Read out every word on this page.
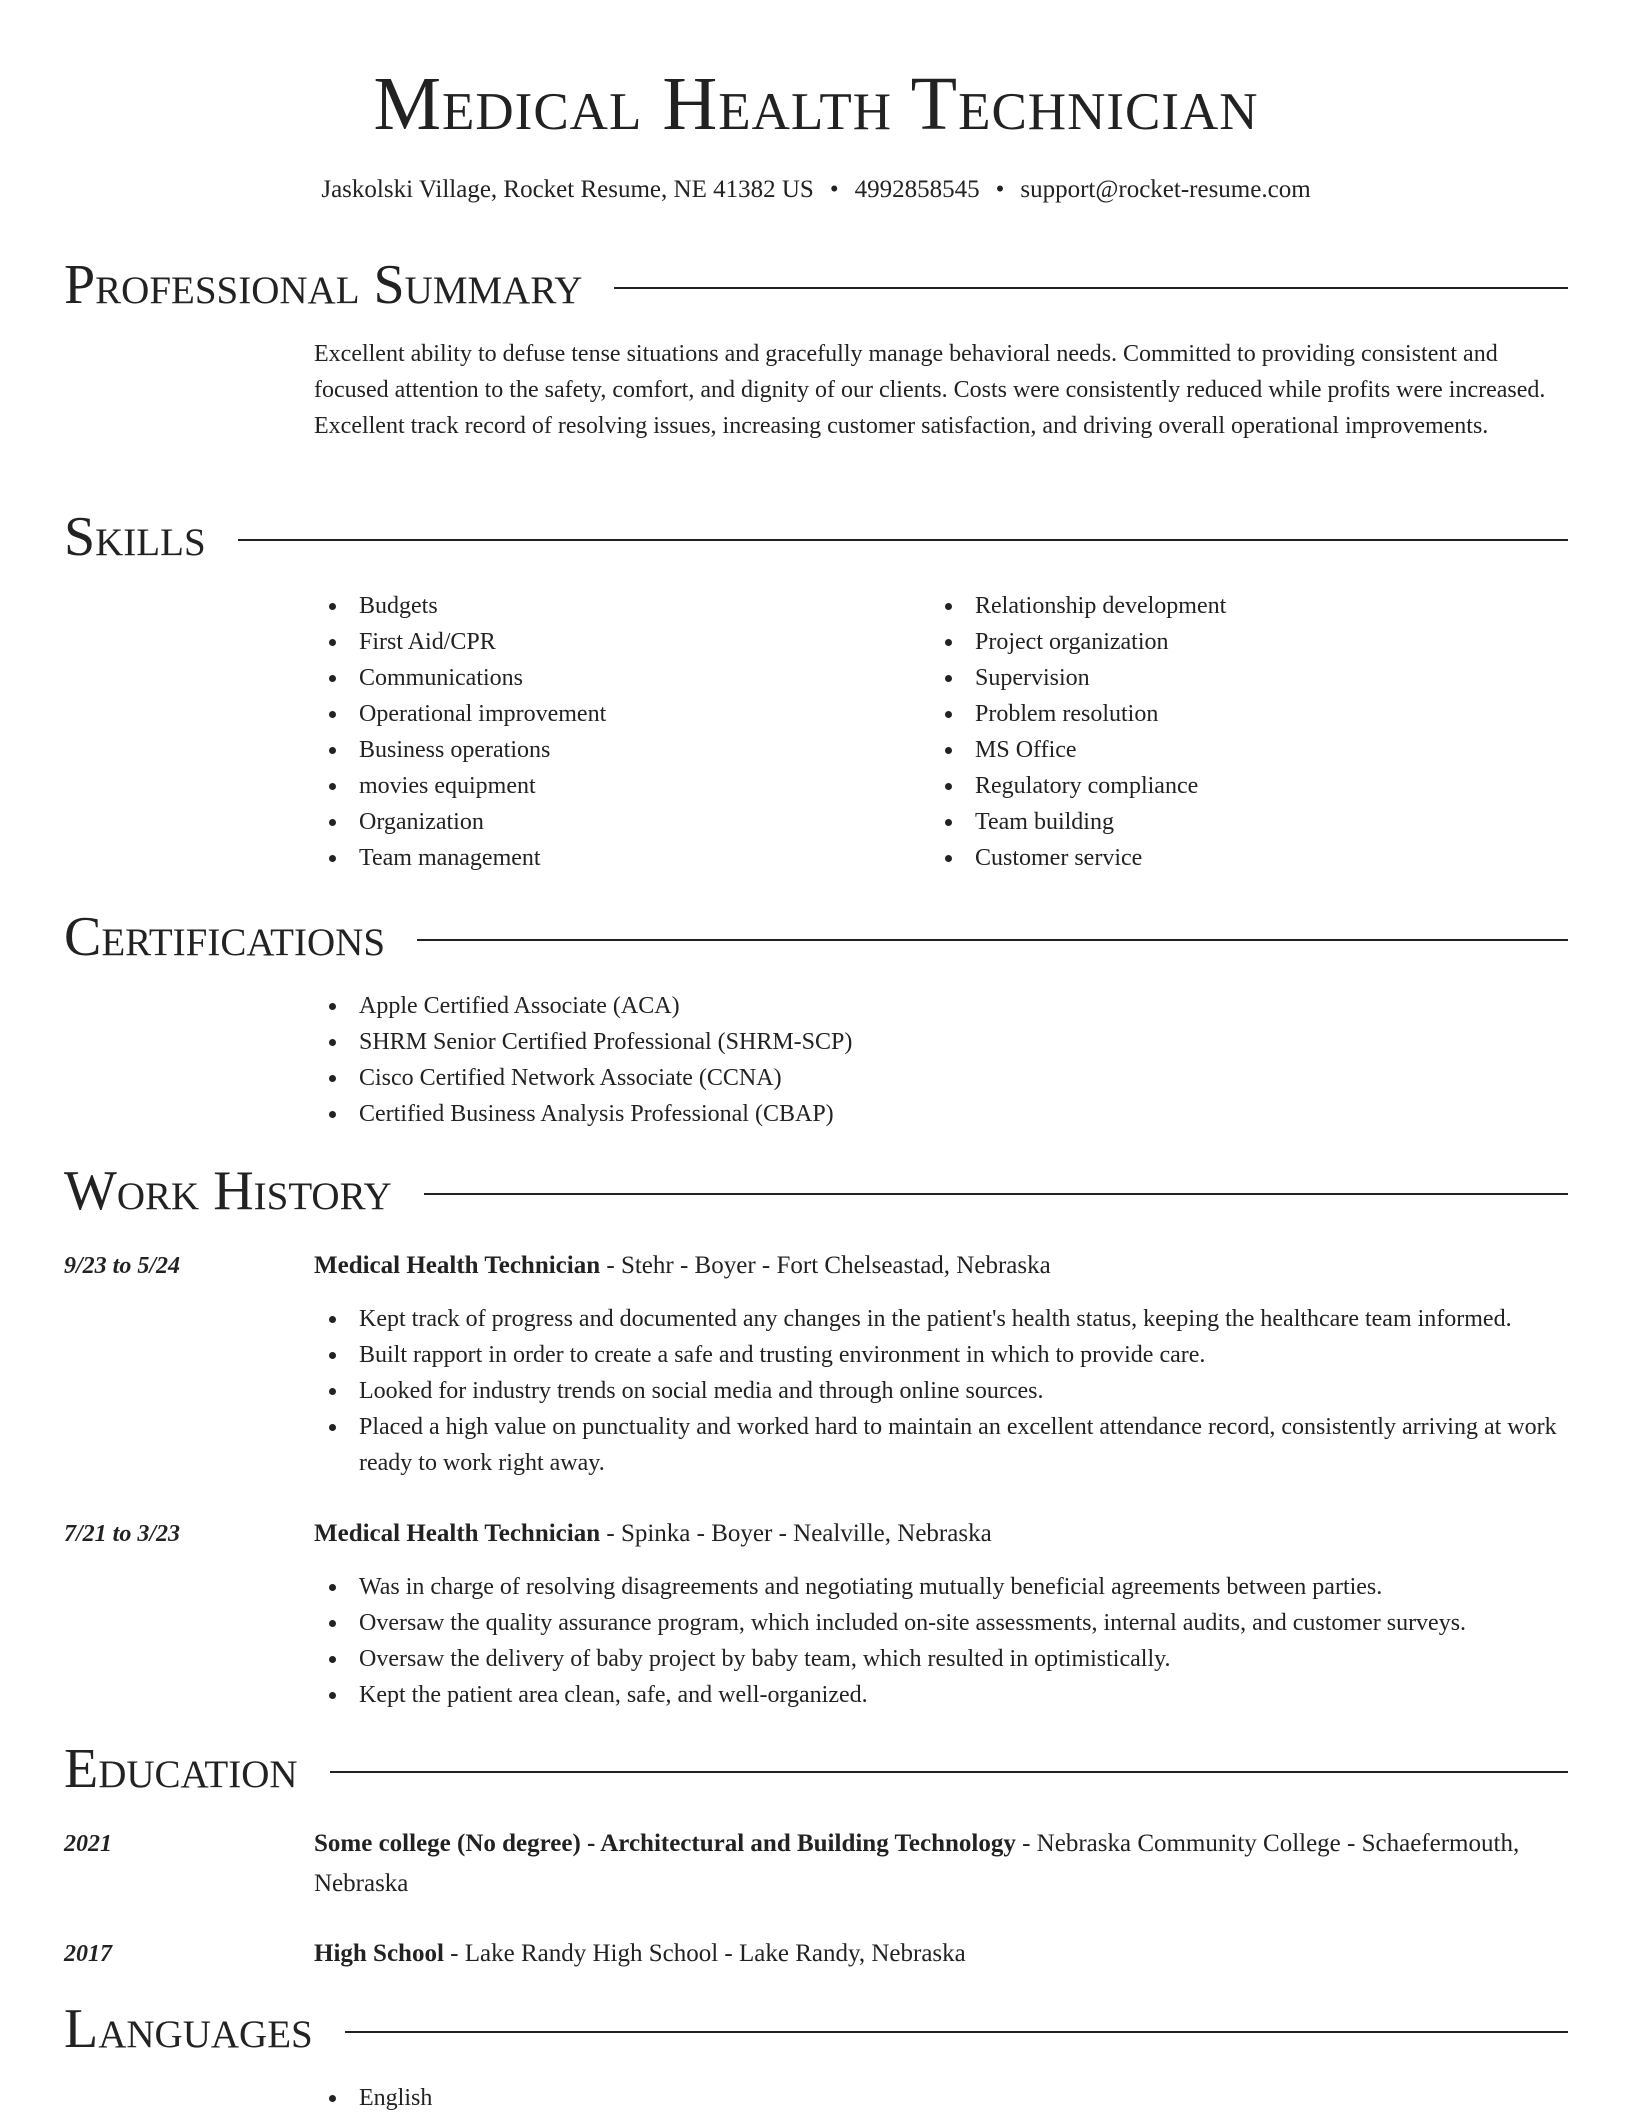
Medical Health Technician
Jaskolski Village, Rocket Resume, NE 41382 US • 4992858545 • support@rocket-resume.com
Professional Summary

Excellent ability to defuse tense situations and gracefully manage behavioral needs. Committed to providing consistent and focused attention to the safety, comfort, and dignity of our clients. Costs were consistently reduced while profits were increased. Excellent track record of resolving issues, increasing customer satisfaction, and driving overall operational improvements.

Skills
Budgets
First Aid/CPR
Communications
Operational improvement
Business operations
movies equipment
Organization
Team management
Relationship development
Project organization
Supervision
Problem resolution
MS Office
Regulatory compliance
Team building
Customer service
Certifications
Apple Certified Associate (ACA)
SHRM Senior Certified Professional (SHRM-SCP)
Cisco Certified Network Associate (CCNA)
Certified Business Analysis Professional (CBAP)
Work History
9/23 to 5/24	Medical Health Technician - Stehr - Boyer - Fort Chelseastad, Nebraska
Kept track of progress and documented any changes in the patient's health status, keeping the healthcare team informed.
Built rapport in order to create a safe and trusting environment in which to provide care.
Looked for industry trends on social media and through online sources.
Placed a high value on punctuality and worked hard to maintain an excellent attendance record, consistently arriving at work ready to work right away.
7/21 to 3/23	Medical Health Technician - Spinka - Boyer - Nealville, Nebraska
Was in charge of resolving disagreements and negotiating mutually beneficial agreements between parties.
Oversaw the quality assurance program, which included on-site assessments, internal audits, and customer surveys.
Oversaw the delivery of baby project by baby team, which resulted in optimistically.
Kept the patient area clean, safe, and well-organized.
Education
2021	Some college (No degree) - Architectural and Building Technology - Nebraska Community College - Schaefermouth, Nebraska
2017	High School - Lake Randy High School - Lake Randy, Nebraska
Languages
English
